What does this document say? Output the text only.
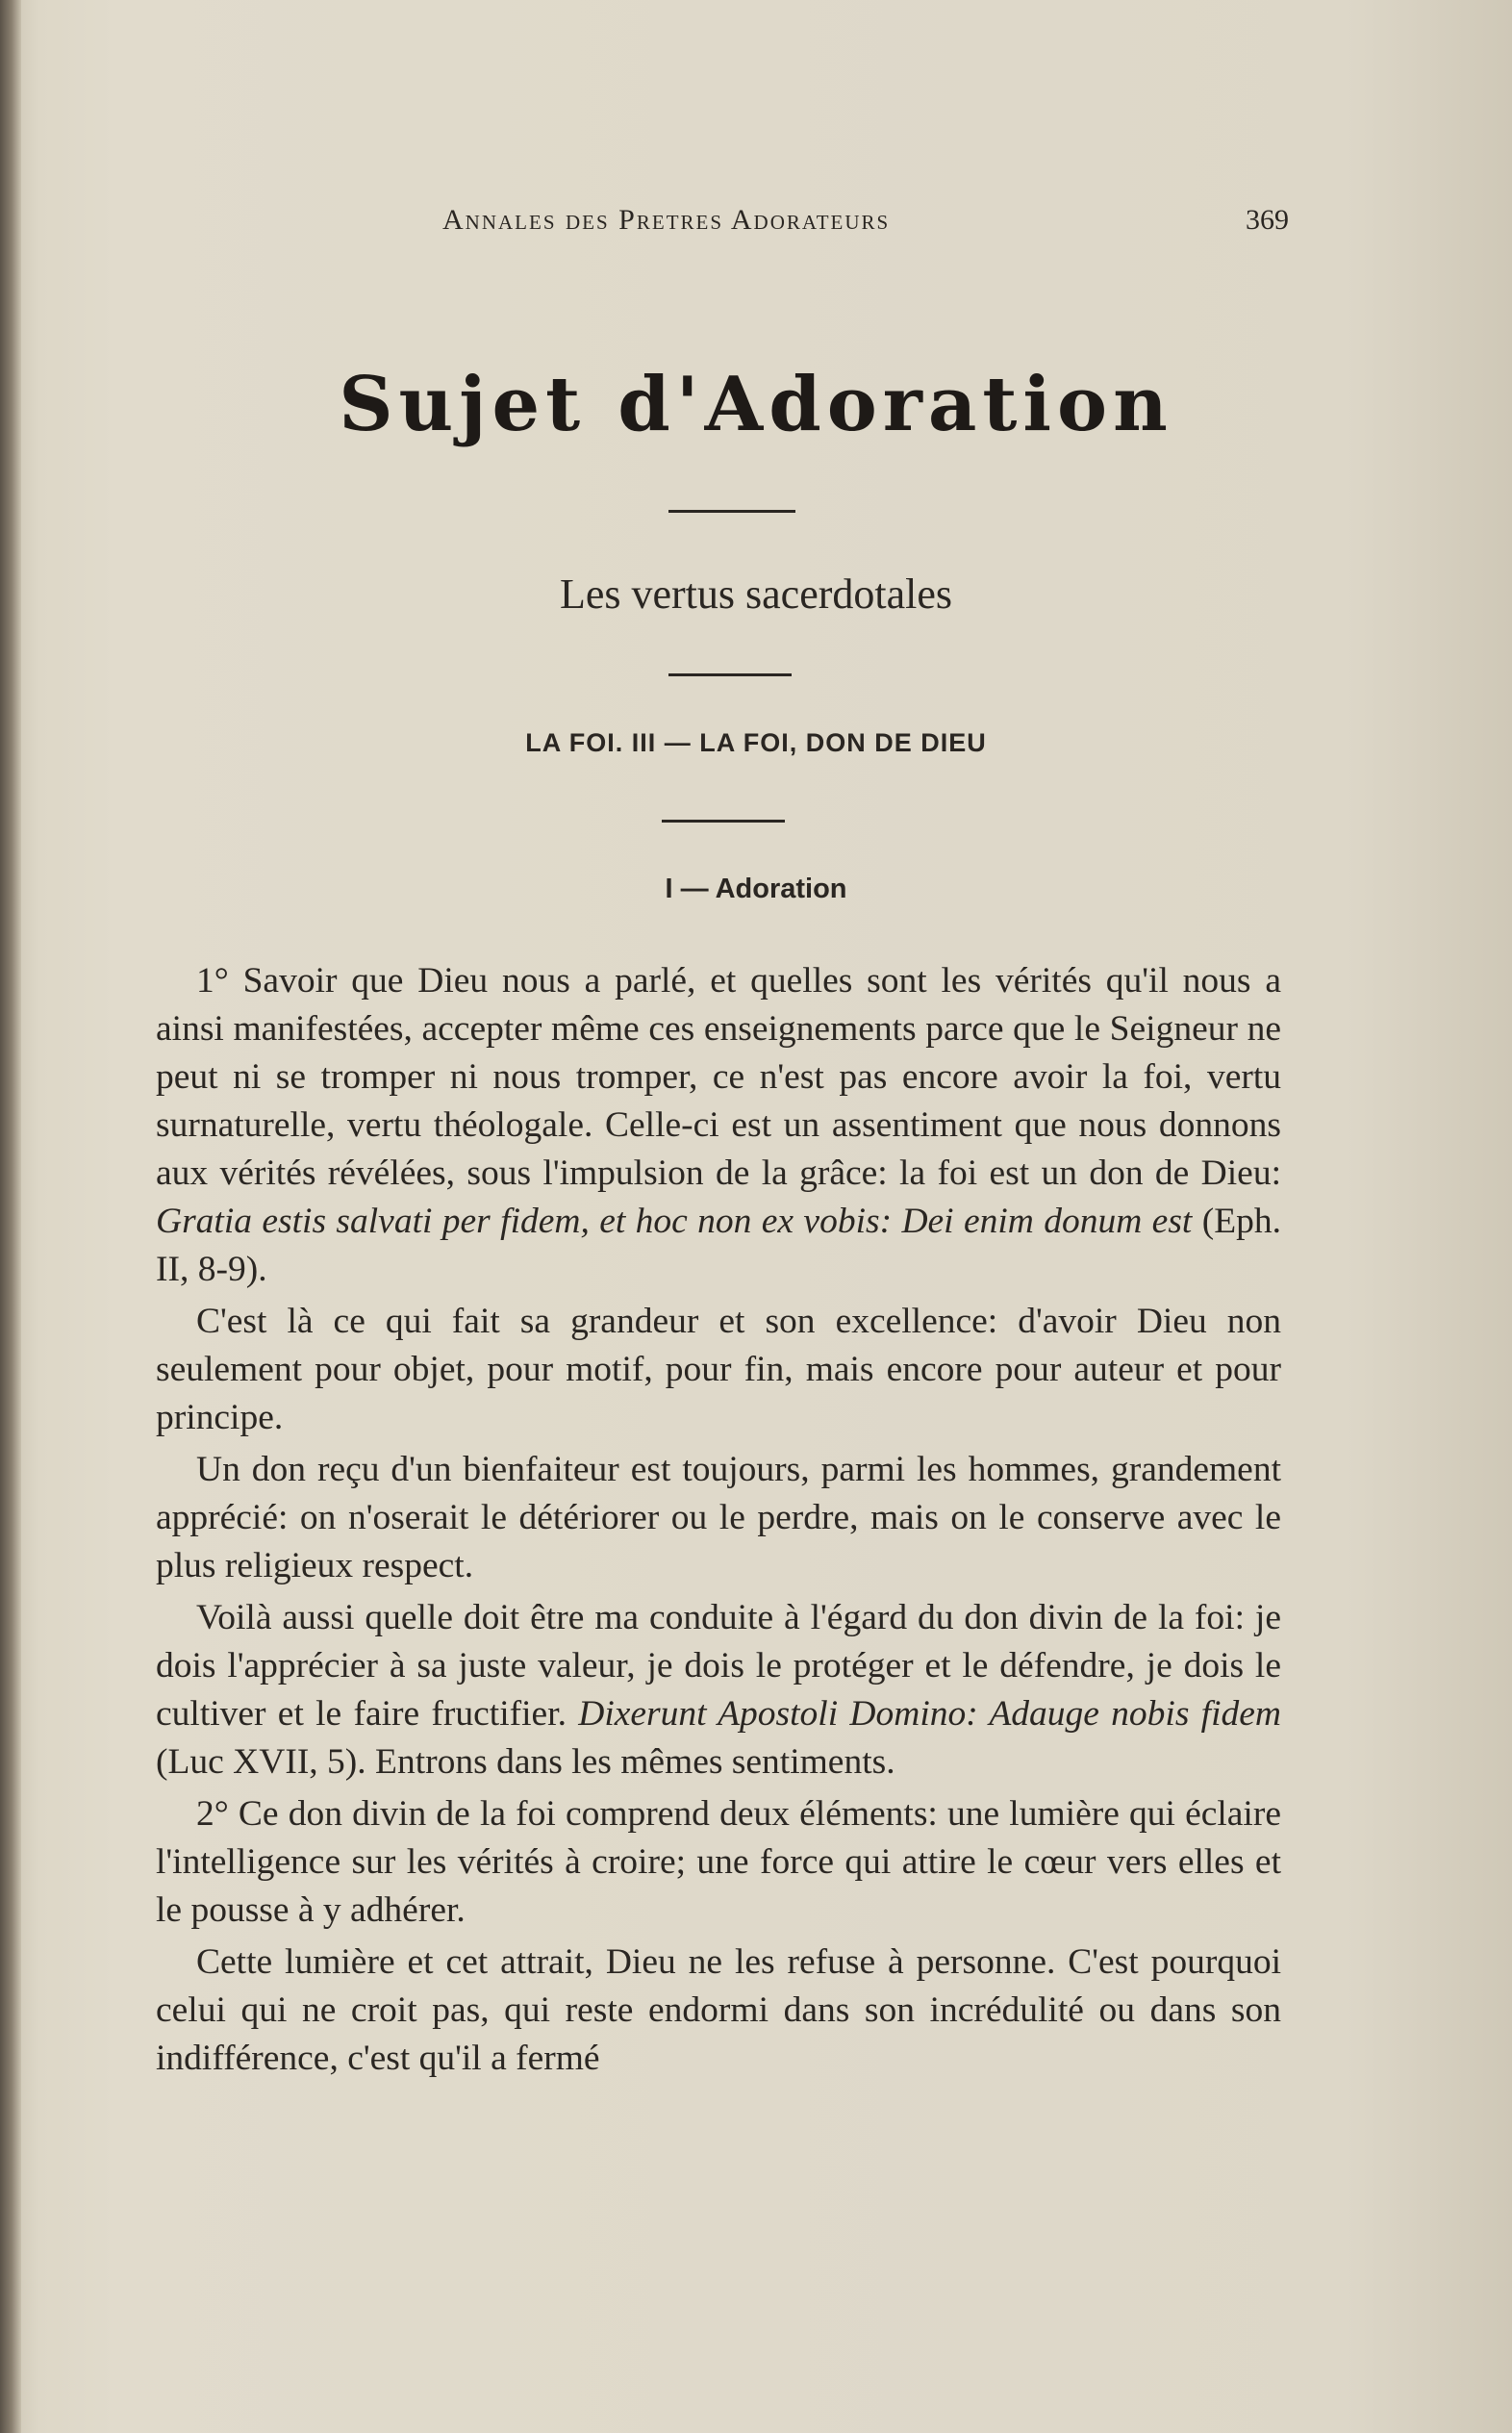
Annales des Pretres Adorateurs	369
Sujet d'Adoration
Les vertus sacerdotales
LA FOI. III — LA FOI, DON DE DIEU
I — Adoration

1° Savoir que Dieu nous a parlé, et quelles sont les vérités qu'il nous a ainsi manifestées, accepter même ces enseignements parce que le Seigneur ne peut ni se tromper ni nous tromper, ce n'est pas encore avoir la foi, vertu surnaturelle, vertu théologale. Celle-ci est un assentiment que nous donnons aux vérités révélées, sous l'impulsion de la grâce: la foi est un don de Dieu: Gratia estis salvati per fidem, et hoc non ex vobis: Dei enim donum est (Eph. II, 8-9).

C'est là ce qui fait sa grandeur et son excellence: d'avoir Dieu non seulement pour objet, pour motif, pour fin, mais encore pour auteur et pour principe.

Un don reçu d'un bienfaiteur est toujours, parmi les hommes, grandement apprécié: on n'oserait le détériorer ou le perdre, mais on le conserve avec le plus religieux respect.

Voilà aussi quelle doit être ma conduite à l'égard du don divin de la foi: je dois l'apprécier à sa juste valeur, je dois le protéger et le défendre, je dois le cultiver et le faire fructifier. Dixerunt Apostoli Domino: Adauge nobis fidem (Luc XVII, 5). Entrons dans les mêmes sentiments.

2° Ce don divin de la foi comprend deux éléments: une lumière qui éclaire l'intelligence sur les vérités à croire; une force qui attire le cœur vers elles et le pousse à y adhérer.

Cette lumière et cet attrait, Dieu ne les refuse à personne. C'est pourquoi celui qui ne croit pas, qui reste endormi dans son incrédulité ou dans son indifférence, c'est qu'il a fermé
